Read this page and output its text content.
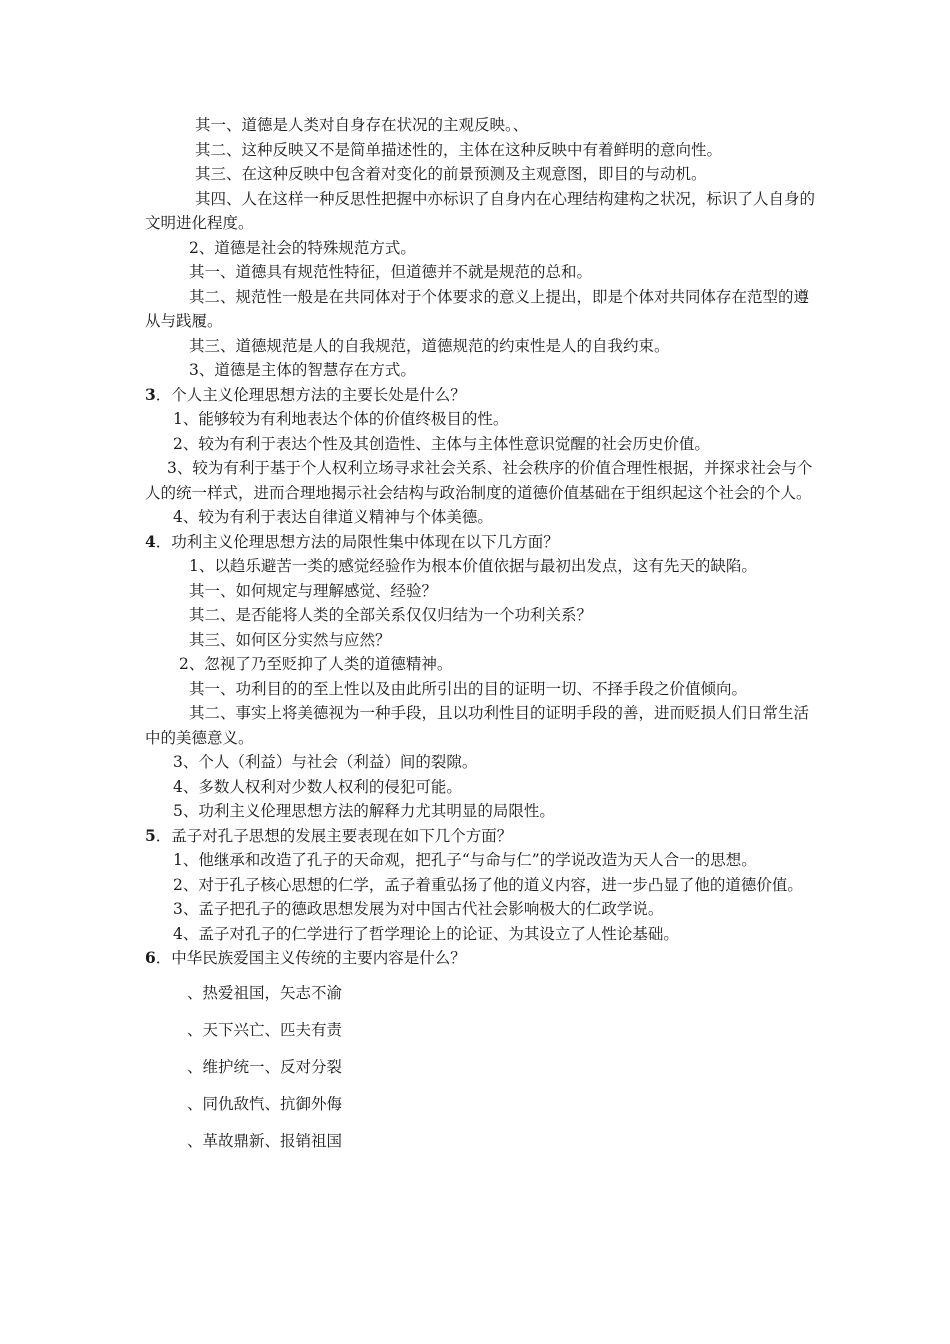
其一、道德是人类对自身存在状况的主观反映。、

其二、这种反映又不是简单描述性的，主体在这种反映中有着鲜明的意向性。

其三、在这种反映中包含着对变化的前景预测及主观意图，即目的与动机。

其四、人在这样一种反思性把握中亦标识了自身内在心理结构建构之状况，标识了人自身的文明进化程度。

2、道德是社会的特殊规范方式。

其一、道德具有规范性特征，但道德并不就是规范的总和。

其二、规范性一般是在共同体对于个体要求的意义上提出，即是个体对共同体存在范型的遵从与践履。

其三、道德规范是人的自我规范，道德规范的约束性是人的自我约束。

3、道德是主体的智慧存在方式。

3．个人主义伦理思想方法的主要长处是什么？

1、能够较为有利地表达个体的价值终极目的性。

2、较为有利于表达个性及其创造性、主体与主体性意识觉醒的社会历史价值。

3、较为有利于基于个人权利立场寻求社会关系、社会秩序的价值合理性根据，并探求社会与个人的统一样式，进而合理地揭示社会结构与政治制度的道德价值基础在于组织起这个社会的个人。

4、较为有利于表达自律道义精神与个体美德。

4．功利主义伦理思想方法的局限性集中体现在以下几方面？

1、以趋乐避苦一类的感觉经验作为根本价值依据与最初出发点，这有先天的缺陷。

其一、如何规定与理解感觉、经验？

其二、是否能将人类的全部关系仅仅归结为一个功利关系？

其三、如何区分实然与应然？

2、忽视了乃至贬抑了人类的道德精神。

其一、功利目的的至上性以及由此所引出的目的证明一切、不择手段之价值倾向。

其二、事实上将美德视为一种手段，且以功利性目的证明手段的善，进而贬损人们日常生活中的美德意义。

3、个人（利益）与社会（利益）间的裂隙。

4、多数人权利对少数人权利的侵犯可能。

5、功利主义伦理思想方法的解释力尤其明显的局限性。

5．孟子对孔子思想的发展主要表现在如下几个方面？

1、他继承和改造了孔子的天命观，把孔子“与命与仁”的学说改造为天人合一的思想。

2、对于孔子核心思想的仁学，孟子着重弘扬了他的道义内容，进一步凸显了他的道德价值。

3、孟子把孔子的德政思想发展为对中国古代社会影响极大的仁政学说。

4、孟子对孔子的仁学进行了哲学理论上的论证、为其设立了人性论基础。

6．中华民族爱国主义传统的主要内容是什么？

、热爱祖国，矢志不渝

、天下兴亡、匹夫有责

、维护统一、反对分裂

、同仇敌忾、抗御外侮

、革故鼎新、报销祖国
